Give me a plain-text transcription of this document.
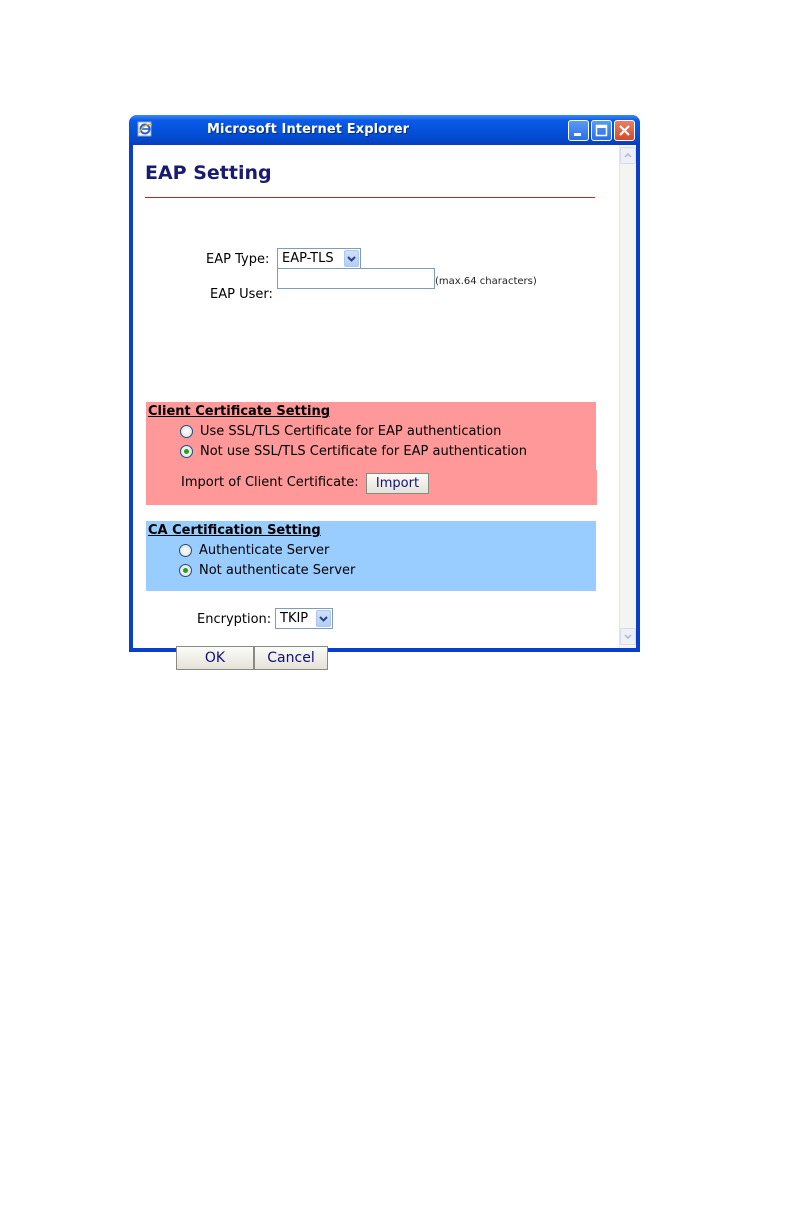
Microsoft Internet Explorer
EAP Setting
EAP Type: EAP-TLS
EAP User:
(max.64 characters)
Client Certificate Setting
Use SSL/TLS Certificate for EAP authentication
Not use SSL/TLS Certificate for EAP authentication
Import of Client Certificate:	Import
CA Certification Setting
Authenticate Server
Not authenticate Server
Encryption: TKIP
OK	Cancel
